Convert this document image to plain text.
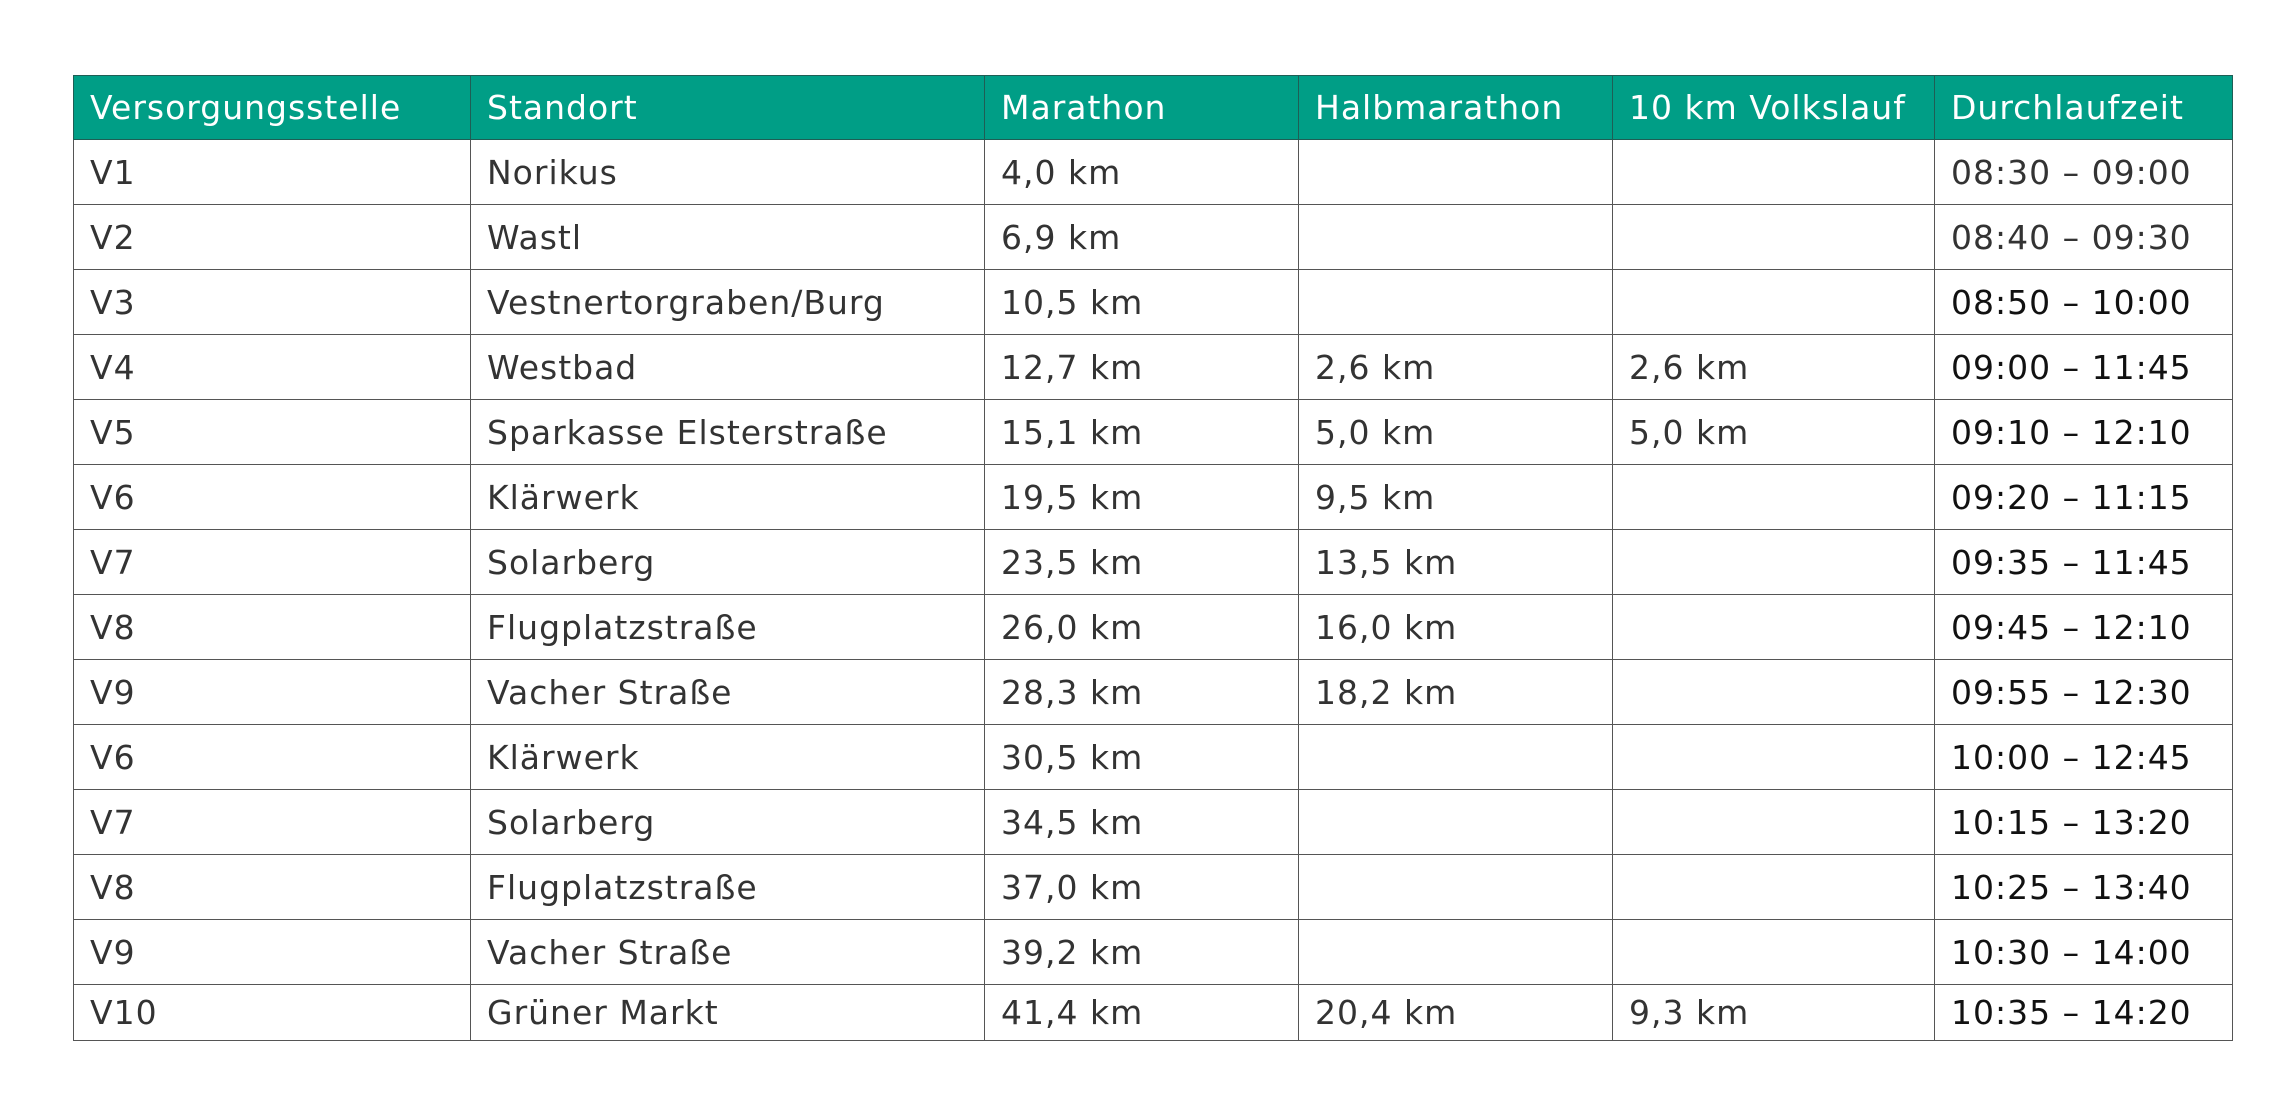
Versorgungsstelle	Standort	Marathon	Halbmarathon	10 km Volkslauf	Durchlaufzeit
V1	Norikus	4,0 km			08:30 – 09:00
V2	Wastl	6,9 km			08:40 – 09:30
V3	Vestnertorgraben/Burg	10,5 km			08:50 – 10:00
V4	Westbad	12,7 km	2,6 km	2,6 km	09:00 – 11:45
V5	Sparkasse Elsterstraße	15,1 km	5,0 km	5,0 km	09:10 – 12:10
V6	Klärwerk	19,5 km	9,5 km		09:20 – 11:15
V7	Solarberg	23,5 km	13,5 km		09:35 – 11:45
V8	Flugplatzstraße	26,0 km	16,0 km		09:45 – 12:10
V9	Vacher Straße	28,3 km	18,2 km		09:55 – 12:30
V6	Klärwerk	30,5 km			10:00 – 12:45
V7	Solarberg	34,5 km			10:15 – 13:20
V8	Flugplatzstraße	37,0 km			10:25 – 13:40
V9	Vacher Straße	39,2 km			10:30 – 14:00
V10	Grüner Markt	41,4 km	20,4 km	9,3 km	10:35 – 14:20
